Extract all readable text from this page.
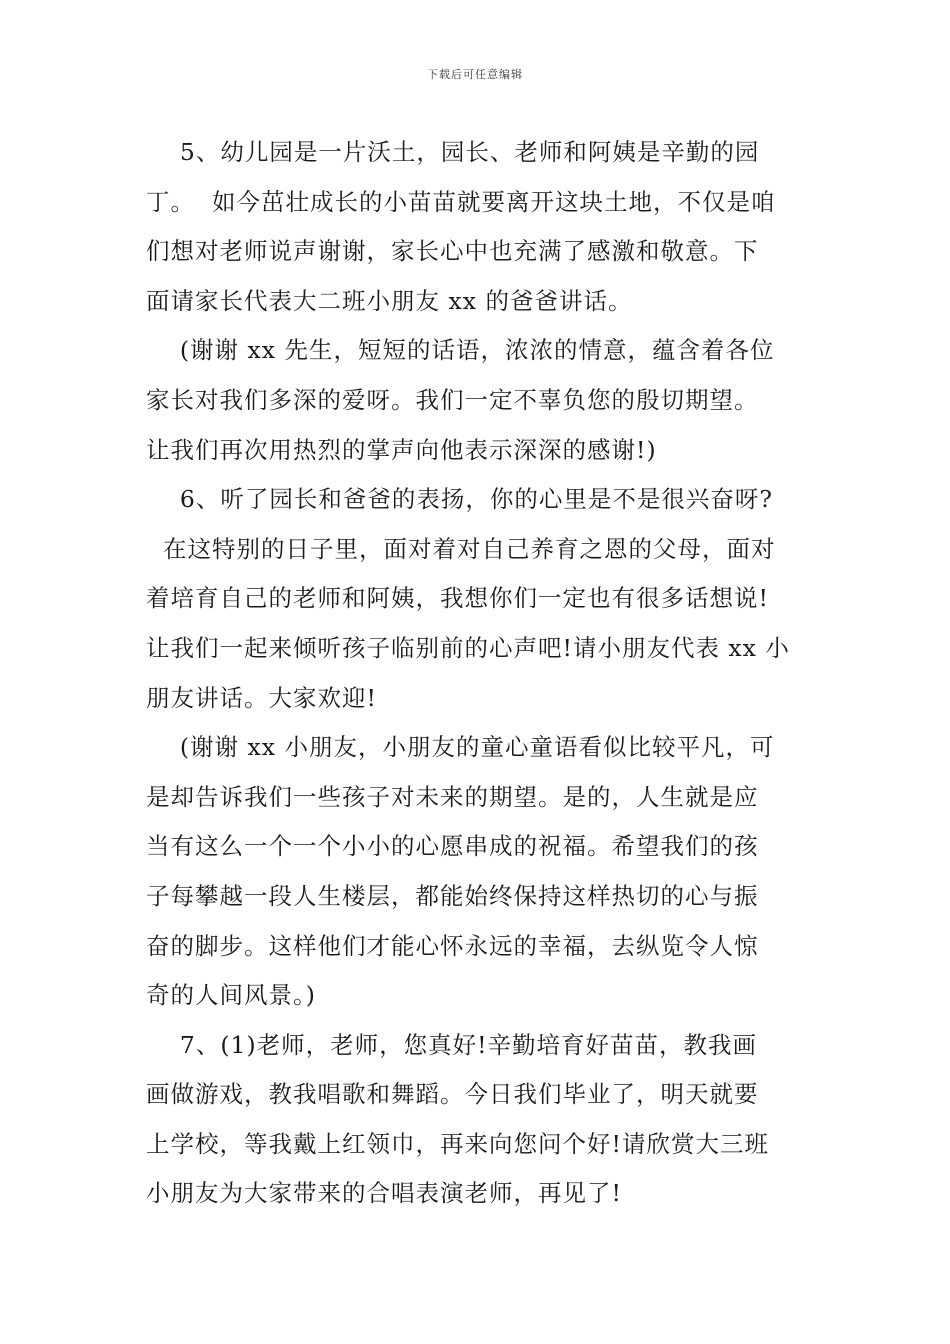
下载后可任意编辑
5、幼儿园是一片沃土，园长、老师和阿姨是辛勤的园
丁。  如今茁壮成长的小苗苗就要离开这块土地，不仅是咱
们想对老师说声谢谢，家长心中也充满了感激和敬意。下
面请家长代表大二班小朋友 xx 的爸爸讲话。
(谢谢 xx 先生，短短的话语，浓浓的情意，蕴含着各位
家长对我们多深的爱呀。我们一定不辜负您的殷切期望。
让我们再次用热烈的掌声向他表示深深的感谢!)
6、听了园长和爸爸的表扬，你的心里是不是很兴奋呀?
在这特别的日子里，面对着对自己养育之恩的父母，面对
着培育自己的老师和阿姨，我想你们一定也有很多话想说!
让我们一起来倾听孩子临别前的心声吧!请小朋友代表 xx 小
朋友讲话。大家欢迎!
(谢谢 xx 小朋友，小朋友的童心童语看似比较平凡，可
是却告诉我们一些孩子对未来的期望。是的，人生就是应
当有这么一个一个小小的心愿串成的祝福。希望我们的孩
子每攀越一段人生楼层，都能始终保持这样热切的心与振
奋的脚步。这样他们才能心怀永远的幸福，去纵览令人惊
奇的人间风景。)
7、(1)老师，老师，您真好!辛勤培育好苗苗，教我画
画做游戏，教我唱歌和舞蹈。今日我们毕业了，明天就要
上学校，等我戴上红领巾，再来向您问个好!请欣赏大三班
小朋友为大家带来的合唱表演老师，再见了!
